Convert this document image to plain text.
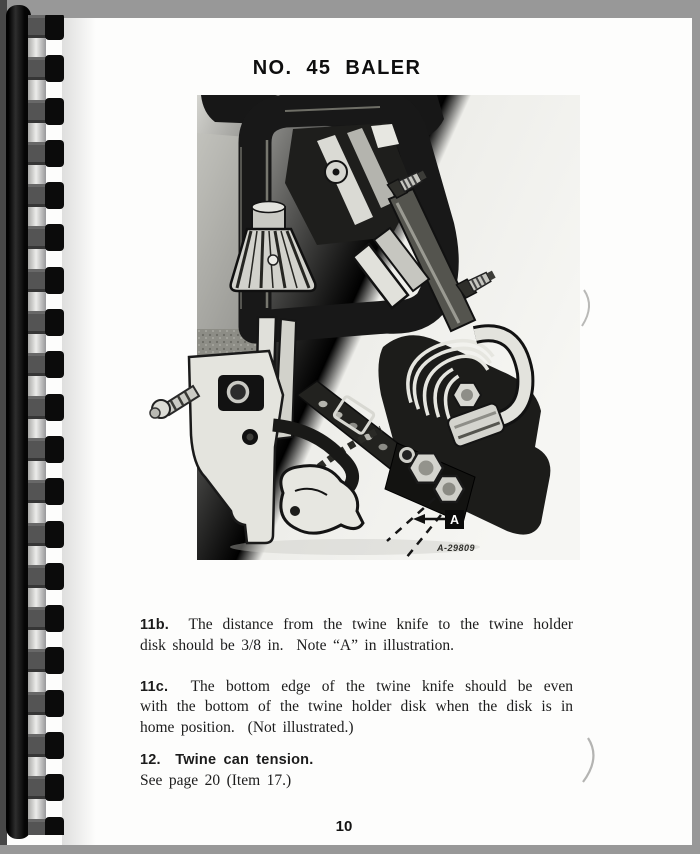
NO. 45 BALER
A
A-29809
11b.  The distance from the twine knife to the twine holder
disk should be 3/8 in.  Note “A” in illustration.
11c.  The bottom edge of the twine knife should be even
with the bottom of the twine holder disk when the disk is in
home position.  (Not illustrated.)
12.  Twine can tension.
See page 20 (Item 17.)
10
